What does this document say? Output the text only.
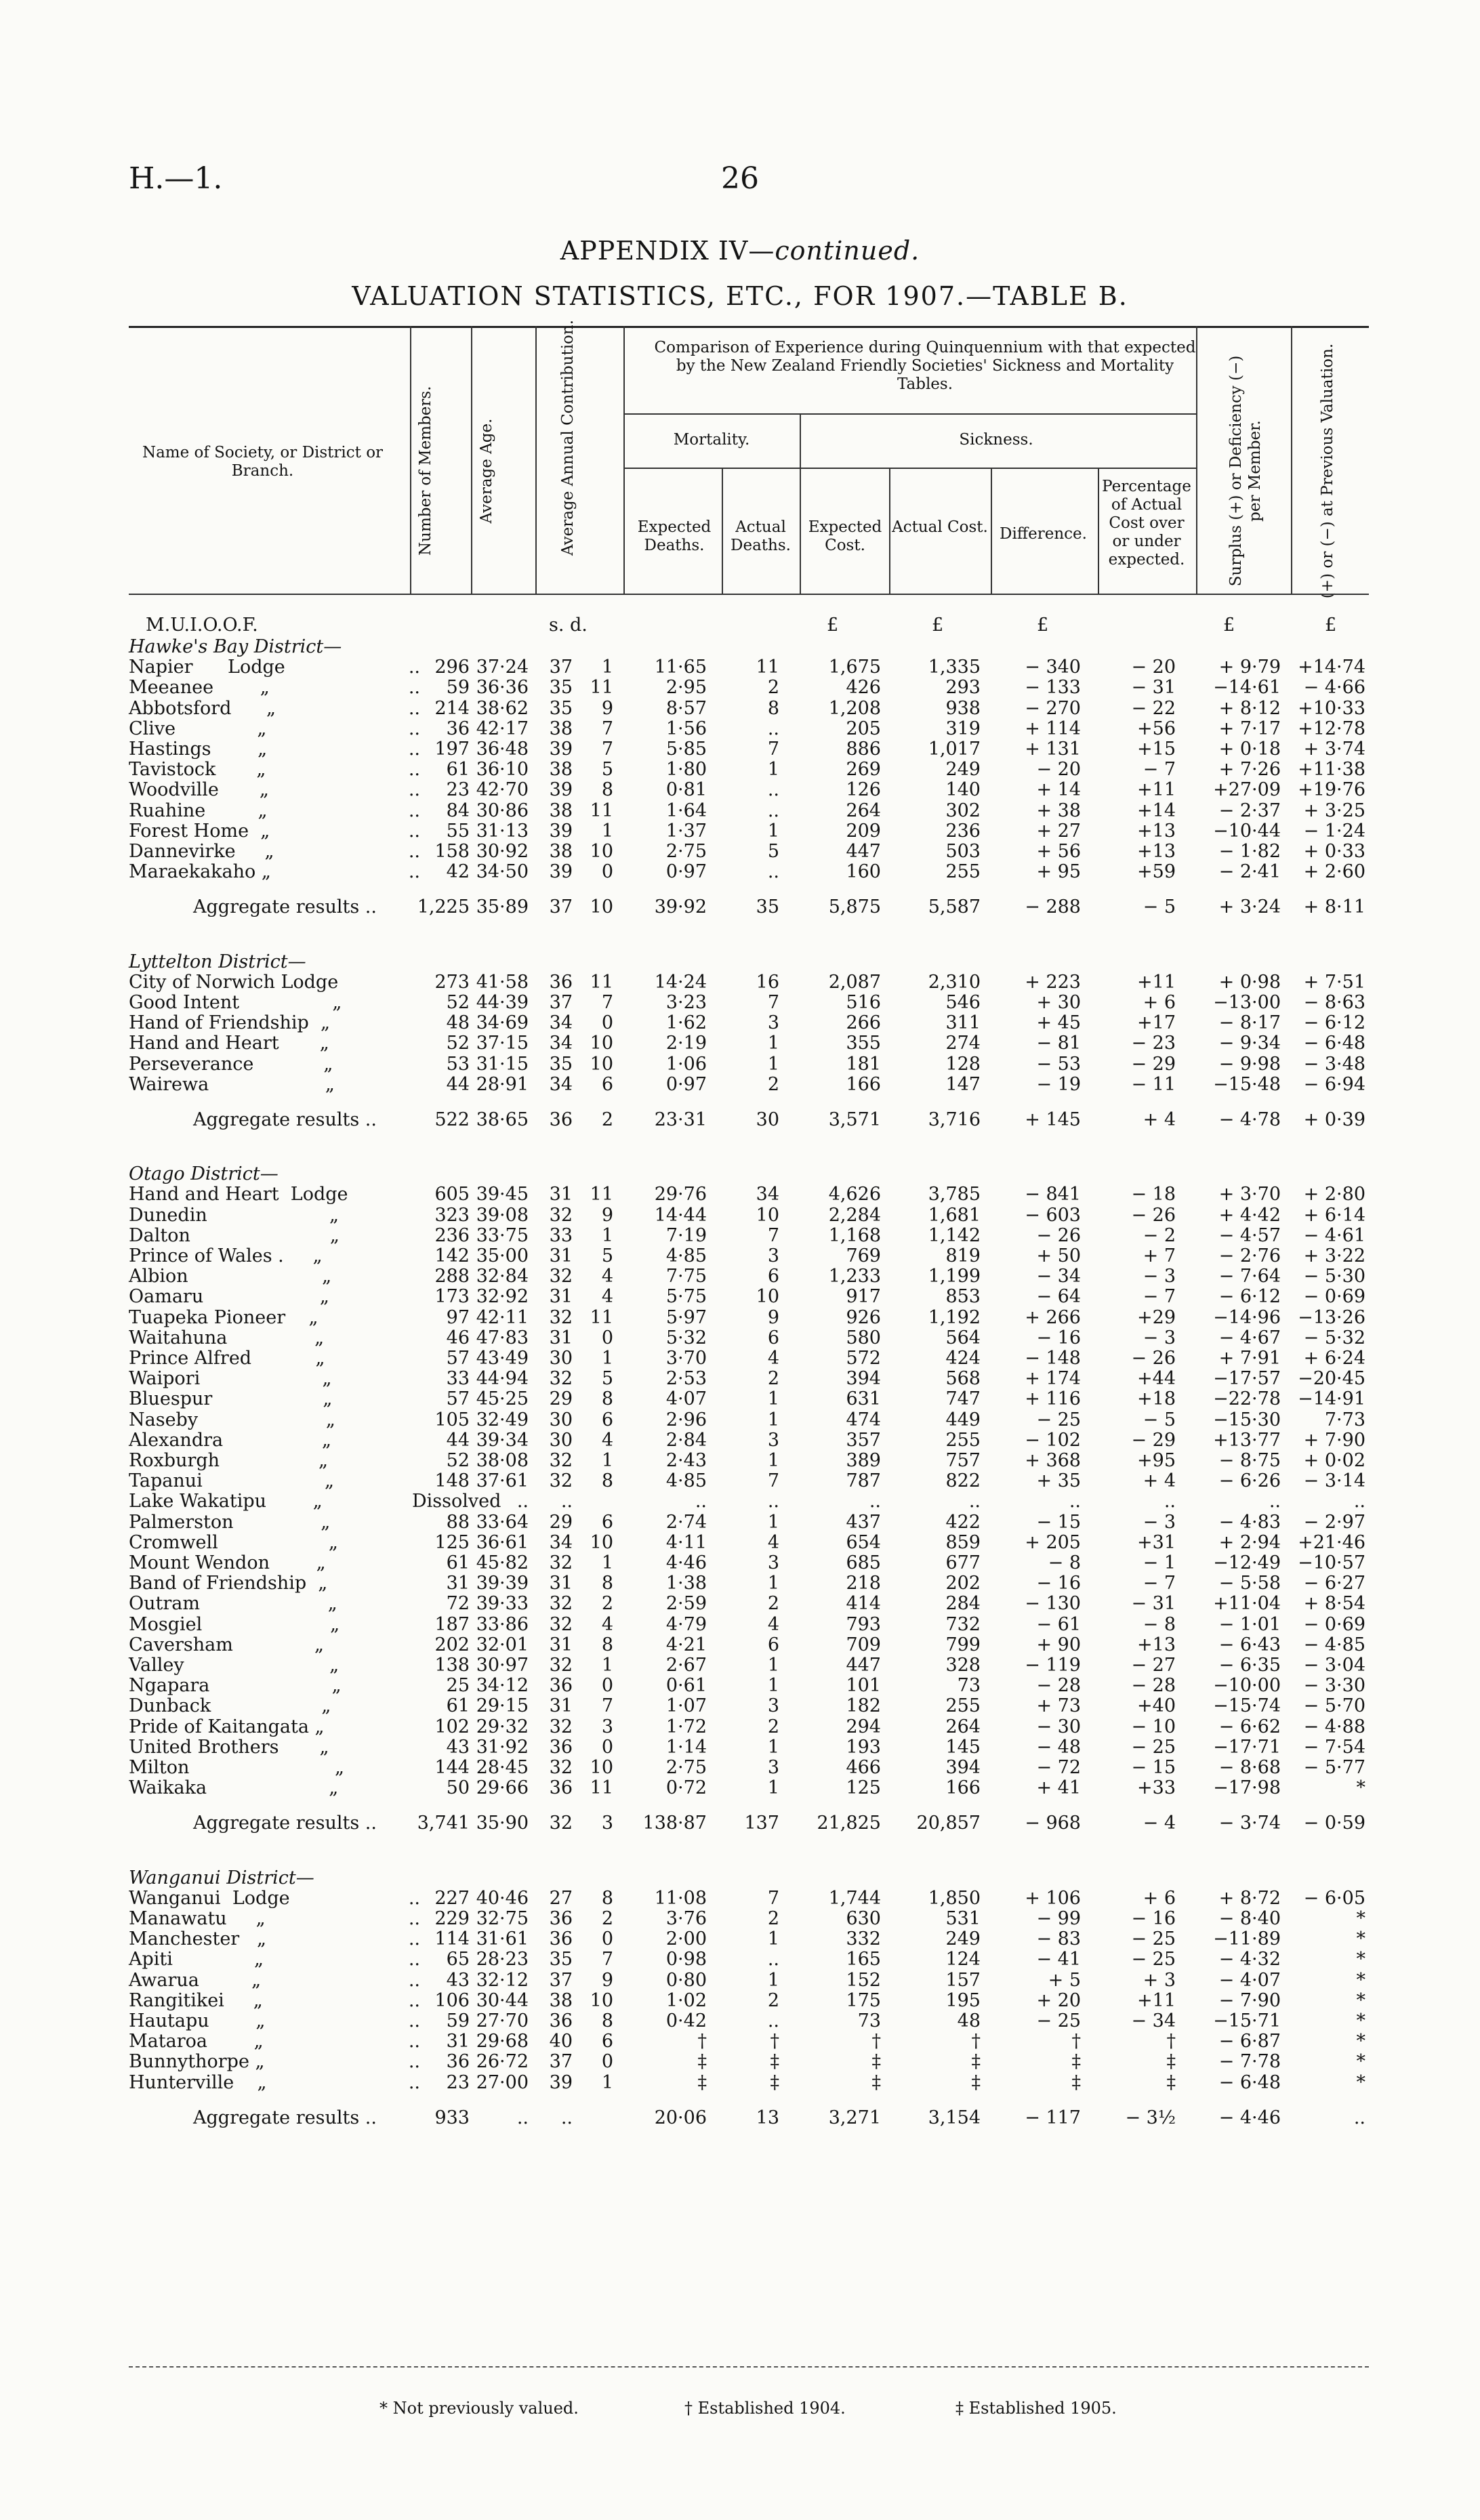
H.—1.	26
APPENDIX IV—continued.
VALUATION STATISTICS, ETC., FOR 1907.—TABLE B.
Name of Society, or District or Branch.	Number of Members.	Average Age.	Average Annual Contribution.	Comparison of Experience during Quinquennium with that expected by the New Zealand Friendly Societies' Sickness and Mortality Tables.
Mortality.	Sickness.
Expected Deaths.
Actual Deaths.
Expected Cost.
Actual Cost. Difference.
Percentage of Actual Cost over or under expected.	Surplus (+) or Deficiency (−) per Member.	(+) or (−) at Previous Valuation.
M.U.I.O.O.F.	s. d.	£	£	£	£	£
Hawke's Bay District—
Napier      Lodge	.. 296 37·24	37	1	11·65	11	1,675	1,335	− 340	− 20	+ 9·79 +14·74
Meeanee        „	..	59 36·36	35 11	2·95	2	426	293	− 133	− 31	−14·61	− 4·66
Abbotsford      „	.. 214 38·62	35	9	8·57	8	1,208	938	− 270	− 22	+ 8·12 +10·33
Clive              „	..	36 42·17	38	7	1·56	..	205	319	+ 114	+56	+ 7·17 +12·78
Hastings        „	.. 197 36·48	39	7	5·85	7	886	1,017	+ 131	+15	+ 0·18	+ 3·74
Tavistock       „	..	61 36·10	38	5	1·80	1	269	249	− 20	− 7	+ 7·26 +11·38
Woodville       „	..	23 42·70	39	8	0·81	..	126	140	+ 14	+11	+27·09 +19·76
Ruahine         „	..	84 30·86	38 11	1·64	..	264	302	+ 38	+14	− 2·37	+ 3·25
Forest Home  „	..	55 31·13	39	1	1·37	1	209	236	+ 27	+13	−10·44	− 1·24
Dannevirke     „	.. 158 30·92	38 10	2·75	5	447	503	+ 56	+13	− 1·82	+ 0·33
Maraekakaho „	..	42 34·50	39	0	0·97	..	160	255	+ 95	+59	− 2·41	+ 2·60
Aggregate results ..	1,225 35·89	37 10	39·92	35	5,875	5,587	− 288	− 5	+ 3·24	+ 8·11
Lyttelton District—
City of Norwich Lodge	273 41·58	36 11	14·24	16	2,087	2,310	+ 223	+11	+ 0·98	+ 7·51
Good Intent                „	52 44·39	37	7	3·23	7	516	546	+ 30	+ 6	−13·00	− 8·63
Hand of Friendship  „	48 34·69	34	0	1·62	3	266	311	+ 45	+17	− 8·17	− 6·12
Hand and Heart       „	52 37·15	34 10	2·19	1	355	274	− 81	− 23	− 9·34	− 6·48
Perseverance            „	53 31·15	35 10	1·06	1	181	128	− 53	− 29	− 9·98	− 3·48
Wairewa                    „	44 28·91	34	6	0·97	2	166	147	− 19	− 11	−15·48	− 6·94
Aggregate results ..	522 38·65	36	2	23·31	30	3,571	3,716	+ 145	+ 4	− 4·78	+ 0·39
Otago District—
Hand and Heart  Lodge	605 39·45	31 11	29·76	34	4,626	3,785	− 841	− 18	+ 3·70	+ 2·80
Dunedin                     „	323 39·08	32	9	14·44	10	2,284	1,681	− 603	− 26	+ 4·42	+ 6·14
Dalton                        „	236 33·75	33	1	7·19	7	1,168	1,142	− 26	− 2	− 4·57	− 4·61
Prince of Wales .     „	142 35·00	31	5	4·85	3	769	819	+ 50	+ 7	− 2·76	+ 3·22
Albion                       „	288 32·84	32	4	7·75	6	1,233	1,199	− 34	− 3	− 7·64	− 5·30
Oamaru                    „	173 32·92	31	4	5·75	10	917	853	− 64	− 7	− 6·12	− 0·69
Tuapeka Pioneer    „	97 42·11	32 11	5·97	9	926	1,192	+ 266	+29	−14·96 −13·26
Waitahuna               „	46 47·83	31	0	5·32	6	580	564	− 16	− 3	− 4·67	− 5·32
Prince Alfred           „	57 43·49	30	1	3·70	4	572	424	− 148	− 26	+ 7·91	+ 6·24
Waipori                     „	33 44·94	32	5	2·53	2	394	568	+ 174	+44	−17·57 −20·45
Bluespur                   „	57 45·25	29	8	4·07	1	631	747	+ 116	+18	−22·78 −14·91
Naseby                      „	105 32·49	30	6	2·96	1	474	449	− 25	− 5	−15·30	7·73
Alexandra                 „	44 39·34	30	4	2·84	3	357	255	− 102	− 29	+13·77	+ 7·90
Roxburgh                 „	52 38·08	32	1	2·43	1	389	757	+ 368	+95	− 8·75	+ 0·02
Tapanui                     „	148 37·61	32	8	4·85	7	787	822	+ 35	+ 4	− 6·26	− 3·14
Lake Wakatipu        „	Dissolved ..	..	..	..	..	..	..	..	..	..
Palmerston               „	88 33·64	29	6	2·74	1	437	422	− 15	− 3	− 4·83	− 2·97
Cromwell                   „	125 36·61	34 10	4·11	4	654	859	+ 205	+31	+ 2·94 +21·46
Mount Wendon        „	61 45·82	32	1	4·46	3	685	677	− 8	− 1	−12·49 −10·57
Band of Friendship  „	31 39·39	31	8	1·38	1	218	202	− 16	− 7	− 5·58	− 6·27
Outram                      „	72 39·33	32	2	2·59	2	414	284	− 130	− 31	+11·04	+ 8·54
Mosgiel                      „	187 33·86	32	4	4·79	4	793	732	− 61	− 8	− 1·01	− 0·69
Caversham              „	202 32·01	31	8	4·21	6	709	799	+ 90	+13	− 6·43	− 4·85
Valley                         „	138 30·97	32	1	2·67	1	447	328	− 119	− 27	− 6·35	− 3·04
Ngapara                     „	25 34·12	36	0	0·61	1	101	73	− 28	− 28	−10·00	− 3·30
Dunback                   „	61 29·15	31	7	1·07	3	182	255	+ 73	+40	−15·74	− 5·70
Pride of Kaitangata „	102 29·32	32	3	1·72	2	294	264	− 30	− 10	− 6·62	− 4·88
United Brothers       „	43 31·92	36	0	1·14	1	193	145	− 48	− 25	−17·71	− 7·54
Milton                         „	144 28·45	32 10	2·75	3	466	394	− 72	− 15	− 8·68	− 5·77
Waikaka                     „	50 29·66	36 11	0·72	1	125	166	+ 41	+33	−17·98	*
Aggregate results ..	3,741 35·90	32	3	138·87	137	21,825	20,857	− 968	− 4	− 3·74	− 0·59
Wanganui District—
Wanganui  Lodge	.. 227 40·46	27	8	11·08	7	1,744	1,850	+ 106	+ 6	+ 8·72	− 6·05
Manawatu     „	.. 229 32·75	36	2	3·76	2	630	531	− 99	− 16	− 8·40	*
Manchester   „	.. 114 31·61	36	0	2·00	1	332	249	− 83	− 25	−11·89	*
Apiti              „	..	65 28·23	35	7	0·98	..	165	124	− 41	− 25	− 4·32	*
Awarua         „	..	43 32·12	37	9	0·80	1	152	157	+ 5	+ 3	− 4·07	*
Rangitikei     „	.. 106 30·44	38 10	1·02	2	175	195	+ 20	+11	− 7·90	*
Hautapu        „	..	59 27·70	36	8	0·42	..	73	48	− 25	− 34	−15·71	*
Mataroa        „	..	31 29·68	40	6	†	†	†	†	†	†	− 6·87	*
Bunnythorpe „	..	36 26·72	37	0	‡	‡	‡	‡	‡	‡	− 7·78	*
Hunterville    „	..	23 27·00	39	1	‡	‡	‡	‡	‡	‡	− 6·48	*
Aggregate results ..	933	..	..	20·06	13	3,271	3,154	− 117	− 3½	− 4·46	..
* Not previously valued.	† Established 1904.	‡ Established 1905.
